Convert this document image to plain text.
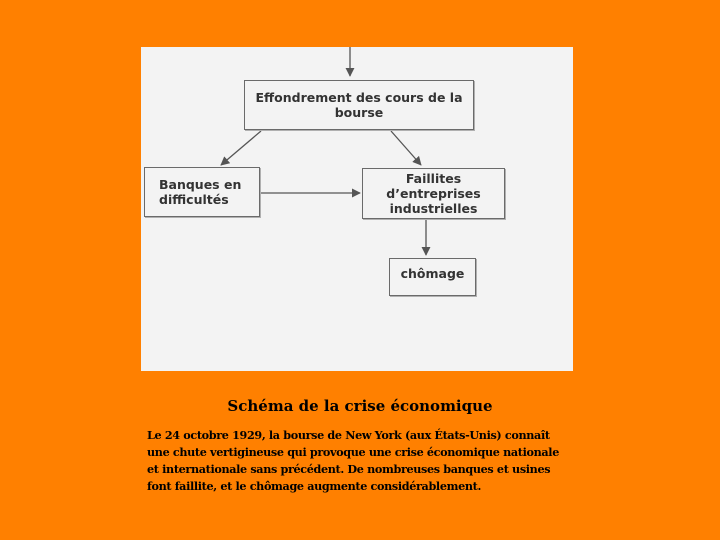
Effondrement des cours de la
bourse
Banques en
difficultés
Faillites d’entreprises
industrielles
chômage
Schéma de la crise économique
Le 24 octobre 1929, la bourse de New York (aux États-Unis) connaît
une chute vertigineuse qui provoque une crise économique nationale
et internationale sans précédent. De nombreuses banques et usines
font faillite, et le chômage augmente considérablement.
